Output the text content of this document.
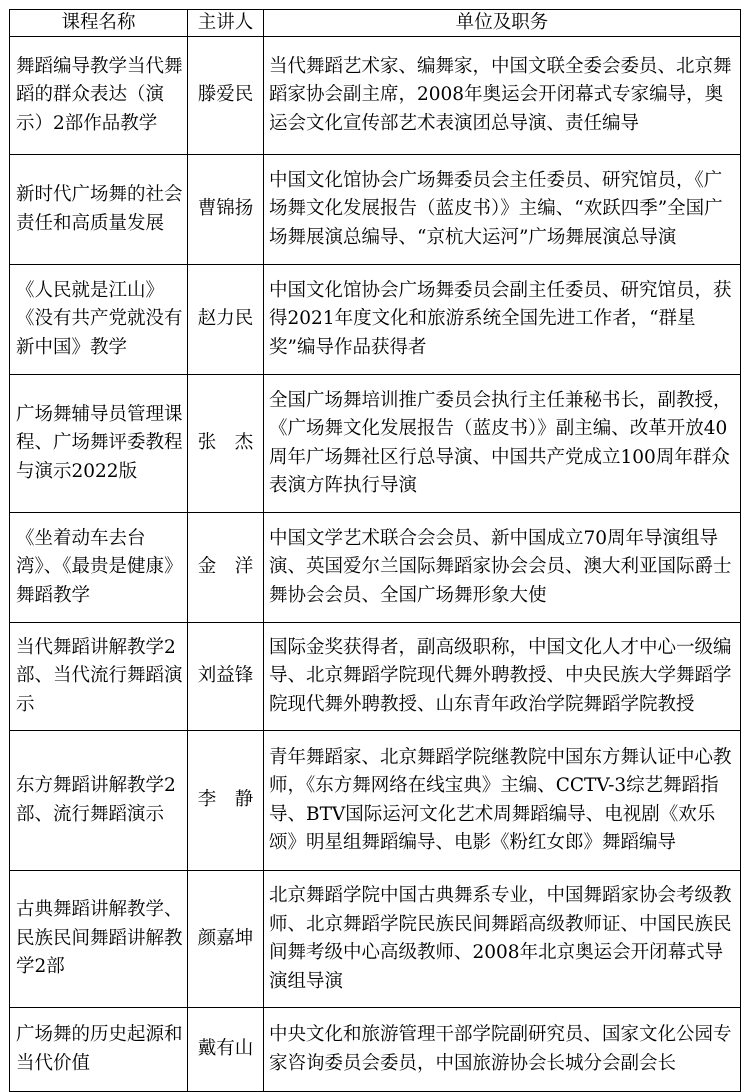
课程名称	主讲人	单位及职务
舞蹈编导教学当代舞蹈的群众表达（演示）2部作品教学	滕爱民	当代舞蹈艺术家、编舞家，中国文联全委会委员、北京舞蹈家协会副主席，2008年奥运会开闭幕式专家编导，奥运会文化宣传部艺术表演团总导演、责任编导
新时代广场舞的社会责任和高质量发展	曹锦扬	中国文化馆协会广场舞委员会主任委员、研究馆员，《广场舞文化发展报告（蓝皮书）》主编、“欢跃四季”全国广场舞展演总编导、“京杭大运河”广场舞展演总导演
《人民就是江山》《没有共产党就没有新中国》教学	赵力民	中国文化馆协会广场舞委员会副主任委员、研究馆员，获得2021年度文化和旅游系统全国先进工作者，“群星奖”编导作品获得者
广场舞辅导员管理课程、广场舞评委教程与演示2022版	张　杰	全国广场舞培训推广委员会执行主任兼秘书长，副教授，《广场舞文化发展报告（蓝皮书）》副主编、改革开放40周年广场舞社区行总导演、中国共产党成立100周年群众表演方阵执行导演
《坐着动车去台湾》、《最贵是健康》舞蹈教学	金　洋	中国文学艺术联合会会员、新中国成立70周年导演组导演、英国爱尔兰国际舞蹈家协会会员、澳大利亚国际爵士舞协会会员、全国广场舞形象大使
当代舞蹈讲解教学2部、当代流行舞蹈演示	刘益锋	国际金奖获得者，副高级职称，中国文化人才中心一级编导、北京舞蹈学院现代舞外聘教授、中央民族大学舞蹈学院现代舞外聘教授、山东青年政治学院舞蹈学院教授
东方舞蹈讲解教学2部、流行舞蹈演示	李　静	青年舞蹈家、北京舞蹈学院继教院中国东方舞认证中心教师，《东方舞网络在线宝典》主编、CCTV-3综艺舞蹈指导、BTV国际运河文化艺术周舞蹈编导、电视剧《欢乐颂》明星组舞蹈编导、电影《粉红女郎》舞蹈编导
古典舞蹈讲解教学、民族民间舞蹈讲解教学2部	颜嘉坤	北京舞蹈学院中国古典舞系专业，中国舞蹈家协会考级教师、北京舞蹈学院民族民间舞蹈高级教师证、中国民族民间舞考级中心高级教师、2008年北京奥运会开闭幕式导演组导演
广场舞的历史起源和当代价值	戴有山	中央文化和旅游管理干部学院副研究员、国家文化公园专家咨询委员会委员，中国旅游协会长城分会副会长
